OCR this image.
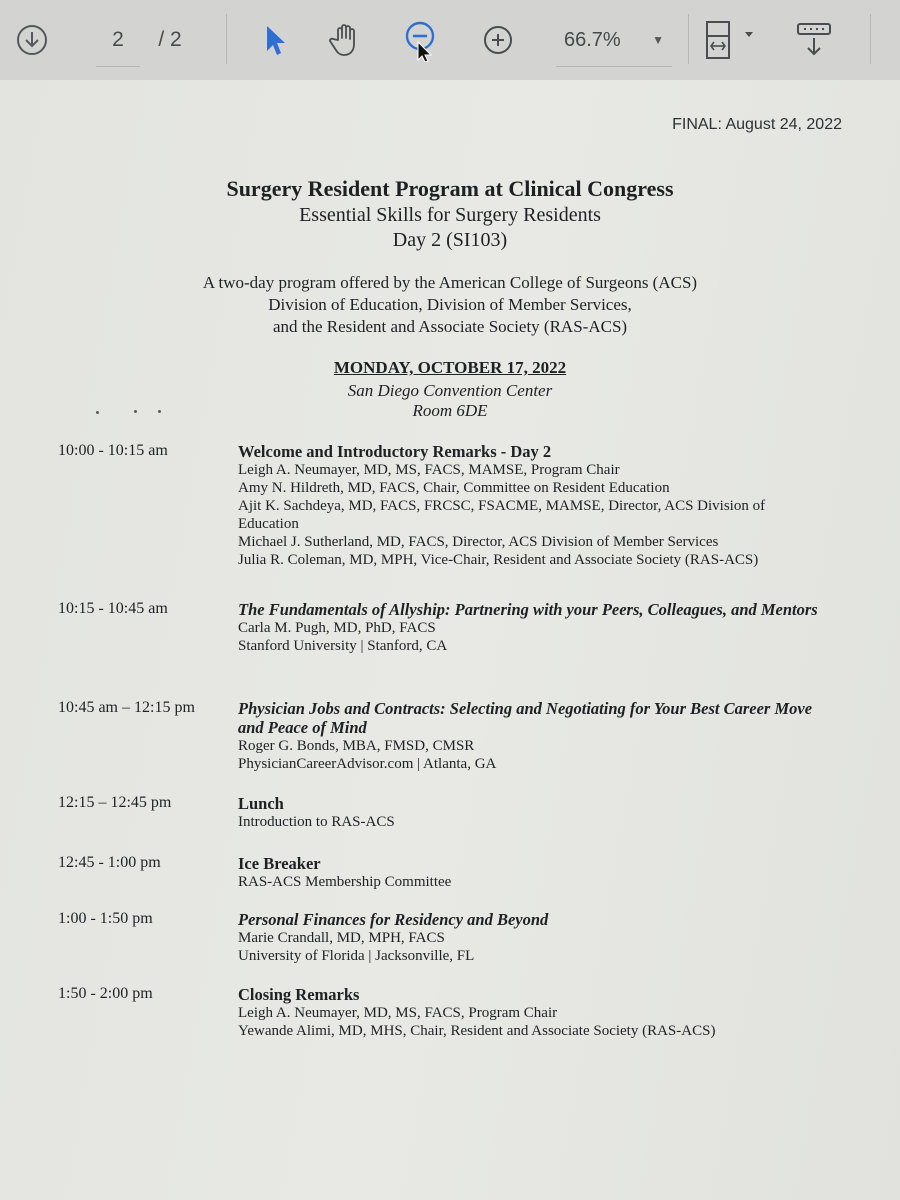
2 / 2	66.7%	▼
FINAL: August 24, 2022
Surgery Resident Program at Clinical Congress
Essential Skills for Surgery Residents
Day 2 (SI103)
A two-day program offered by the American College of Surgeons (ACS)
Division of Education, Division of Member Services,
and the Resident and Associate Society (RAS-ACS)
MONDAY, OCTOBER 17, 2022
San Diego Convention Center
Room 6DE
10:00 - 10:15 am	Welcome and Introductory Remarks - Day 2
Leigh A. Neumayer, MD, MS, FACS, MAMSE, Program Chair
Amy N. Hildreth, MD, FACS, Chair, Committee on Resident Education
Ajit K. Sachdeya, MD, FACS, FRCSC, FSACME, MAMSE, Director, ACS Division of
Education
Michael J. Sutherland, MD, FACS, Director, ACS Division of Member Services
Julia R. Coleman, MD, MPH, Vice-Chair, Resident and Associate Society (RAS-ACS)
10:15 - 10:45 am	The Fundamentals of Allyship: Partnering with your Peers, Colleagues, and Mentors
Carla M. Pugh, MD, PhD, FACS
Stanford University | Stanford, CA
10:45 am – 12:15 pm	Physician Jobs and Contracts: Selecting and Negotiating for Your Best Career Move and Peace of Mind
Roger G. Bonds, MBA, FMSD, CMSR
PhysicianCareerAdvisor.com | Atlanta, GA
12:15 – 12:45 pm	Lunch
Introduction to RAS-ACS
12:45 - 1:00 pm	Ice Breaker
RAS-ACS Membership Committee
1:00 - 1:50 pm	Personal Finances for Residency and Beyond
Marie Crandall, MD, MPH, FACS
University of Florida | Jacksonville, FL
1:50 - 2:00 pm	Closing Remarks
Leigh A. Neumayer, MD, MS, FACS, Program Chair
Yewande Alimi, MD, MHS, Chair, Resident and Associate Society (RAS-ACS)
